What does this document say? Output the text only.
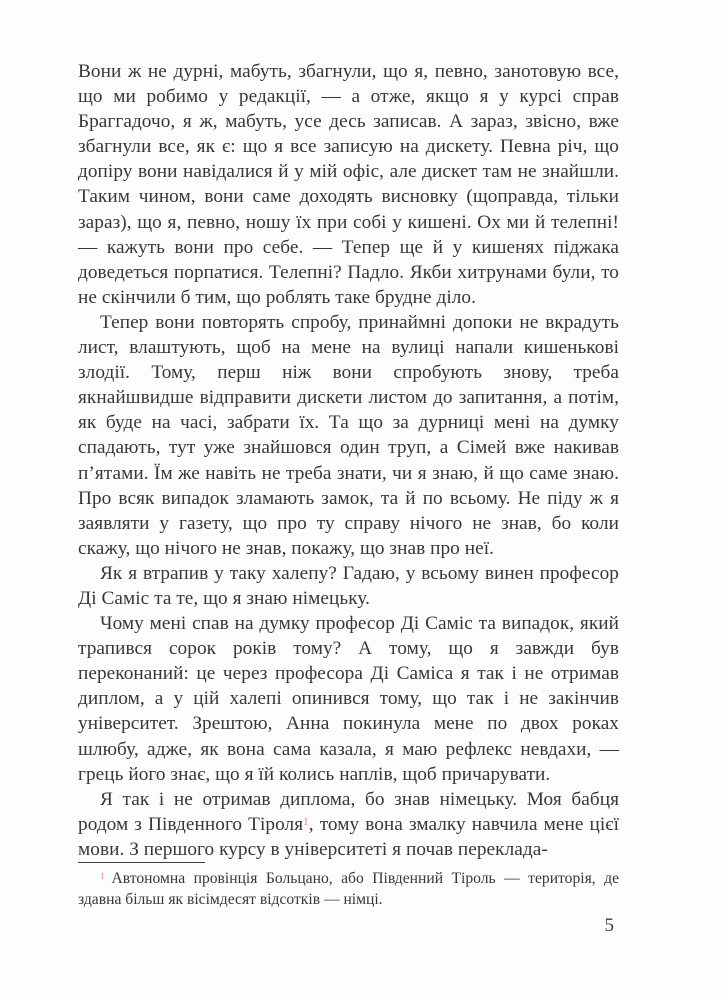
Вони ж не дурні, мабуть, збагнули, що я, певно, занотовую все, що ми робимо у редакції, — а отже, якщо я у курсі справ Браггадочо, я ж, мабуть, усе десь записав. А зараз, звісно, вже збагнули все, як є: що я все записую на дискету. Певна річ, що допіру вони навідалися й у мій офіс, але дискет там не знайшли. Таким чином, вони саме доходять висновку (щоправда, тільки зараз), що я, певно, ношу їх при собі у кишені. Ох ми й телепні! — кажуть вони про себе. — Тепер ще й у кишенях піджака доведеться порпатися. Телепні? Падло. Якби хитрунами були, то не скінчили б тим, що роблять таке брудне діло.

Тепер вони повторять спробу, принаймні допоки не вкрадуть лист, влаштують, щоб на мене на вулиці напали кишенькові злодії. Тому, перш ніж вони спробують знову, треба якнайшвидше відправити дискети листом до запитання, а потім, як буде на часі, забрати їх. Та що за дурниці мені на думку спадають, тут уже знайшовся один труп, а Сімей вже накивав п’ятами. Їм же навіть не треба знати, чи я знаю, й що саме знаю. Про всяк випадок зламають замок, та й по всьому. Не піду ж я заявляти у газету, що про ту справу нічого не знав, бо коли скажу, що нічого не знав, покажу, що знав про неї.

Як я втрапив у таку халепу? Гадаю, у всьому винен професор Ді Саміс та те, що я знаю німецьку.

Чому мені спав на думку професор Ді Саміс та випадок, який трапився сорок років тому? А тому, що я завжди був переконаний: це через професора Ді Саміса я так і не отримав диплом, а у цій халепі опинився тому, що так і не закінчив університет. Зрештою, Анна покинула мене по двох роках шлюбу, адже, як вона сама казала, я маю рефлекс невдахи, — грець його знає, що я їй колись наплів, щоб причарувати.

Я так і не отримав диплома, бо знав німецьку. Моя бабця родом з Південного Тіроля$^1$, тому вона змалку навчила мене цієї мови. З першого курсу в університеті я почав переклада-

$^1$ Автономна провінція Больцано, або Південний Тіроль — територія, де здавна більш як вісімдесят відсотків — німці.

5
